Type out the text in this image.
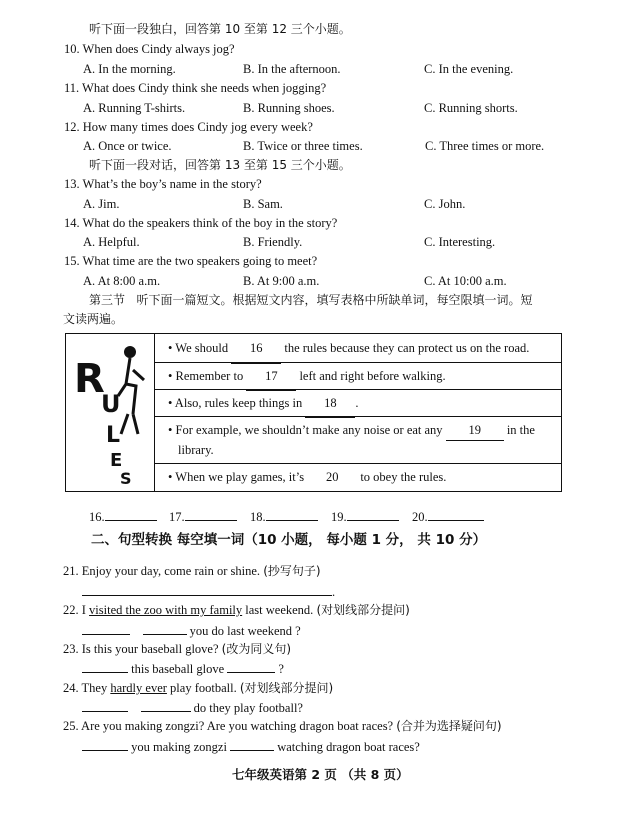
听下面一段独白，回答第 10 至第 12 三个小题。
10. When does Cindy always jog?
A. In the morning.	B. In the afternoon.	C. In the evening.
11. What does Cindy think she needs when jogging?
A. Running T-shirts.	B. Running shoes.	C. Running shorts.
12. How many times does Cindy jog every week?
A. Once or twice.	B. Twice or three times.	C. Three times or more.
听下面一段对话，回答第 13 至第 15 三个小题。
13. What’s the boy’s name in the story?
A. Jim.	B. Sam.	C. John.
14. What do the speakers think of the boy in the story?
A. Helpful.	B. Friendly.	C. Interesting.
15. What time are the two speakers going to meet?
A. At 8:00 a.m.	B. At 9:00 a.m.	C. At 10:00 a.m.
第三节 听下面一篇短文。根据短文内容，填写表格中所缺单词，每空限填一词。短
文读两遍。
R
U
L
E
S
• We should 16 the rules because they can protect us on the road.
• Remember to 17 left and right before walking.
• Also, rules keep things in 18 .
• For example, we shouldn’t make any noise or eat any 19 in the
library.
• When we play games, it’s 20 to obey the rules.
16.	17.	18.	19.	20.
二、句型转换 每空填一词（10 小题， 每小题 1 分， 共 10 分）
21. Enjoy your day, come rain or shine. (抄写句子)
.
22. I visited the zoo with my family last weekend. (对划线部分提问)
you do last weekend ?
23. Is this your baseball glove? (改为同义句)
this baseball glove	?
24. They hardly ever play football. (对划线部分提问)
do they play football?
25. Are you making zongzi? Are you watching dragon boat races? (合并为选择疑问句)
you making zongzi	watching dragon boat races?
七年级英语第 2 页 （共 8 页）
